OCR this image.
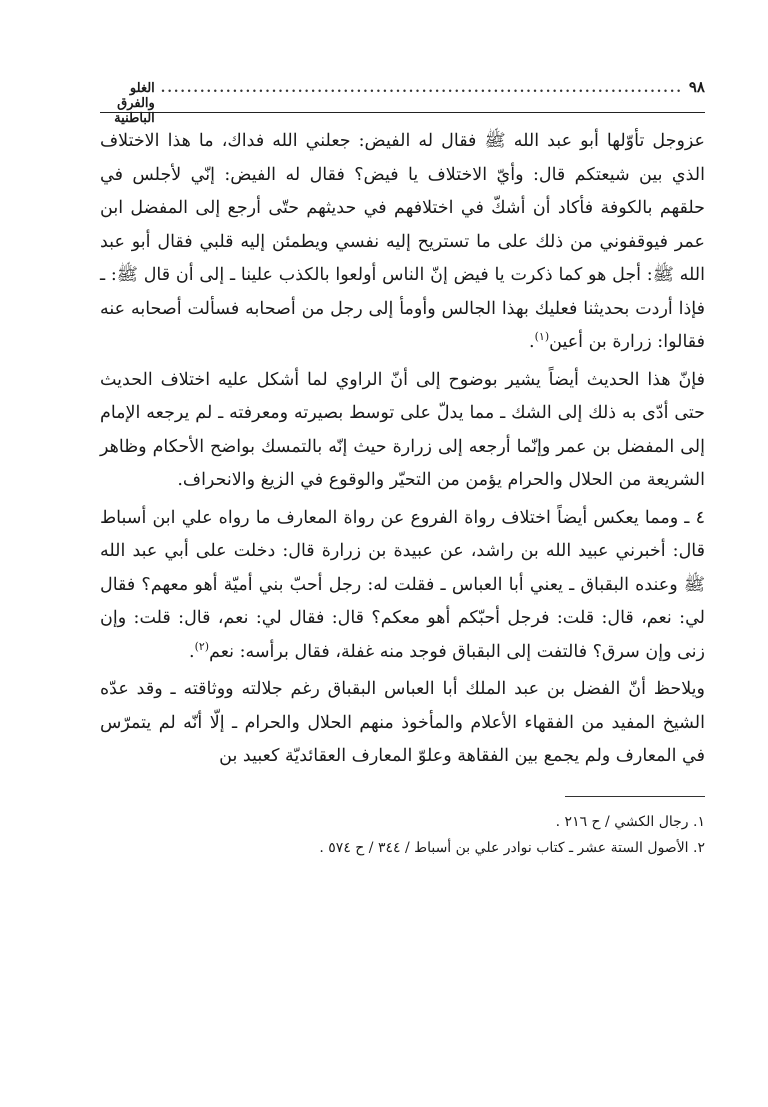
٩٨
................................................................................
الغلو والفرق الباطنية

عزوجل تأوّلها أبو عبد الله ﷺ فقال له الفيض: جعلني الله فداك، ما هذا الاختلاف الذي بين شيعتكم قال: وأيّ الاختلاف يا فيض؟ فقال له الفيض: إنّي لأجلس في حلقهم بالكوفة فأكاد أن أشكّ في اختلافهم في حديثهم حتّى أرجع إلى المفضل ابن عمر فيوقفوني من ذلك على ما تستريح إليه نفسي ويطمئن إليه قلبي فقال أبو عبد الله ﷺ: أجل هو كما ذكرت يا فيض إنّ الناس أولعوا بالكذب علينا ـ إلى أن قال ﷺ: ـ فإذا أردت بحديثنا فعليك بهذا الجالس وأومأ إلى رجل من أصحابه فسألت أصحابه عنه فقالوا: زرارة بن أعين$^{(١)}$.

فإنّ هذا الحديث أيضاً يشير بوضوح إلى أنّ الراوي لما أشكل عليه اختلاف الحديث حتى أدّى به ذلك إلى الشك ـ مما يدلّ على توسط بصيرته ومعرفته ـ لم يرجعه الإمام إلى المفضل بن عمر وإنّما أرجعه إلى زرارة حيث إنّه بالتمسك بواضح الأحكام وظاهر الشريعة من الحلال والحرام يؤمن من التحيّر والوقوع في الزيغ والانحراف.

٤ ـ ومما يعكس أيضاً اختلاف رواة الفروع عن رواة المعارف ما رواه علي ابن أسباط قال: أخبرني عبيد الله بن راشد، عن عبيدة بن زرارة قال: دخلت على أبي عبد الله ﷺ وعنده البقباق ـ يعني أبا العباس ـ فقلت له: رجل أحبّ بني أميّة أهو معهم؟ فقال لي: نعم، قال: قلت: فرجل أحبّكم أهو معكم؟ قال: فقال لي: نعم، قال: قلت: وإن زنى وإن سرق؟ فالتفت إلى البقباق فوجد منه غفلة، فقال برأسه: نعم$^{(٢)}$.

ويلاحظ أنّ الفضل بن عبد الملك أبا العباس البقباق رغم جلالته ووثاقته ـ وقد عدّه الشيخ المفيد من الفقهاء الأعلام والمأخوذ منهم الحلال والحرام ـ إلّا أنّه لم يتمرّس في المعارف ولم يجمع بين الفقاهة وعلوّ المعارف العقائديّة كعبيد بن

١. رجال الكشي / ح ٢١٦ .

٢. الأصول الستة عشر ـ كتاب نوادر علي بن أسباط / ٣٤٤ / ح ٥٧٤ .
